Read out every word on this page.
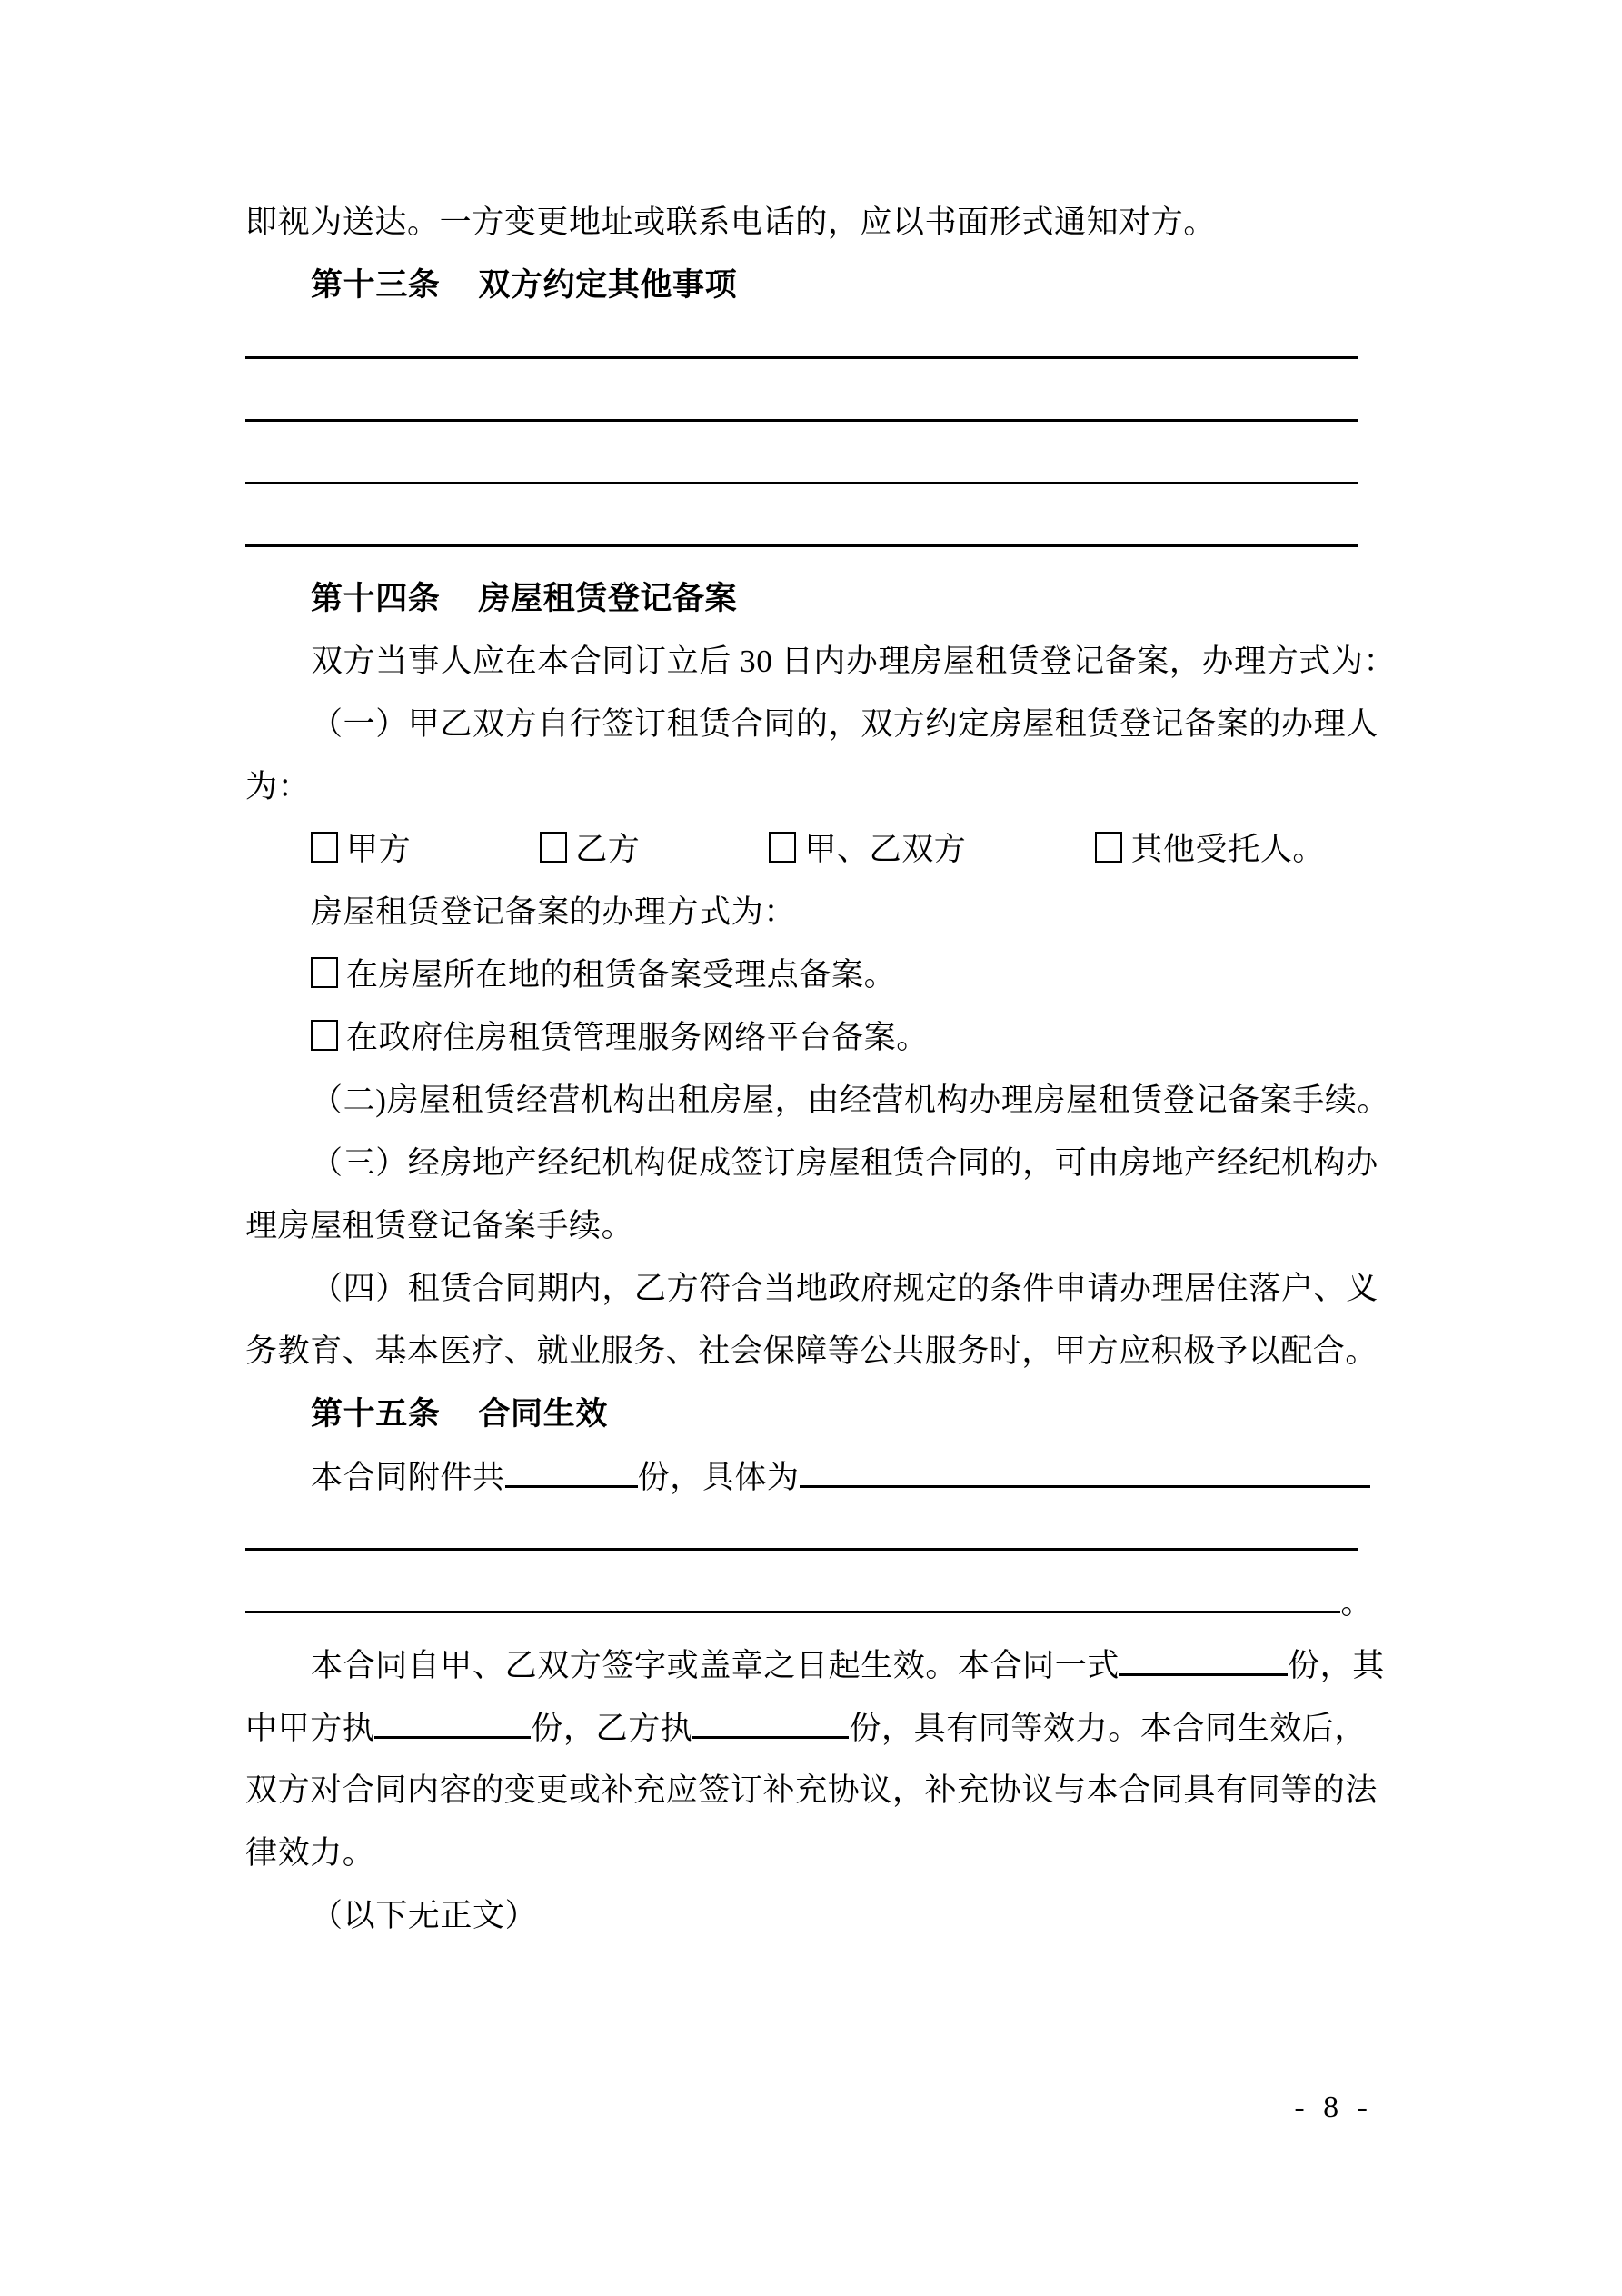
即视为送达。一方变更地址或联系电话的，应以书面形式通知对方。
第十三条 双方约定其他事项
第十四条 房屋租赁登记备案
双方当事人应在本合同订立后 30 日内办理房屋租赁登记备案，办理方式为：
（一）甲乙双方自行签订租赁合同的，双方约定房屋租赁登记备案的办理人
为：
甲方	乙方	甲、乙双方	其他受托人。
房屋租赁登记备案的办理方式为：
在房屋所在地的租赁备案受理点备案。
在政府住房租赁管理服务网络平台备案。
（二)房屋租赁经营机构出租房屋，由经营机构办理房屋租赁登记备案手续。
（三）经房地产经纪机构促成签订房屋租赁合同的，可由房地产经纪机构办
理房屋租赁登记备案手续。
（四）租赁合同期内，乙方符合当地政府规定的条件申请办理居住落户、义
务教育、基本医疗、就业服务、社会保障等公共服务时，甲方应积极予以配合。
第十五条 合同生效
本合同附件共	份，具体为
。
本合同自甲、乙双方签字或盖章之日起生效。本合同一式	份，其
中甲方执	份，乙方执	份，具有同等效力。本合同生效后，
双方对合同内容的变更或补充应签订补充协议，补充协议与本合同具有同等的法
律效力。
（以下无正文）
- 8 -
